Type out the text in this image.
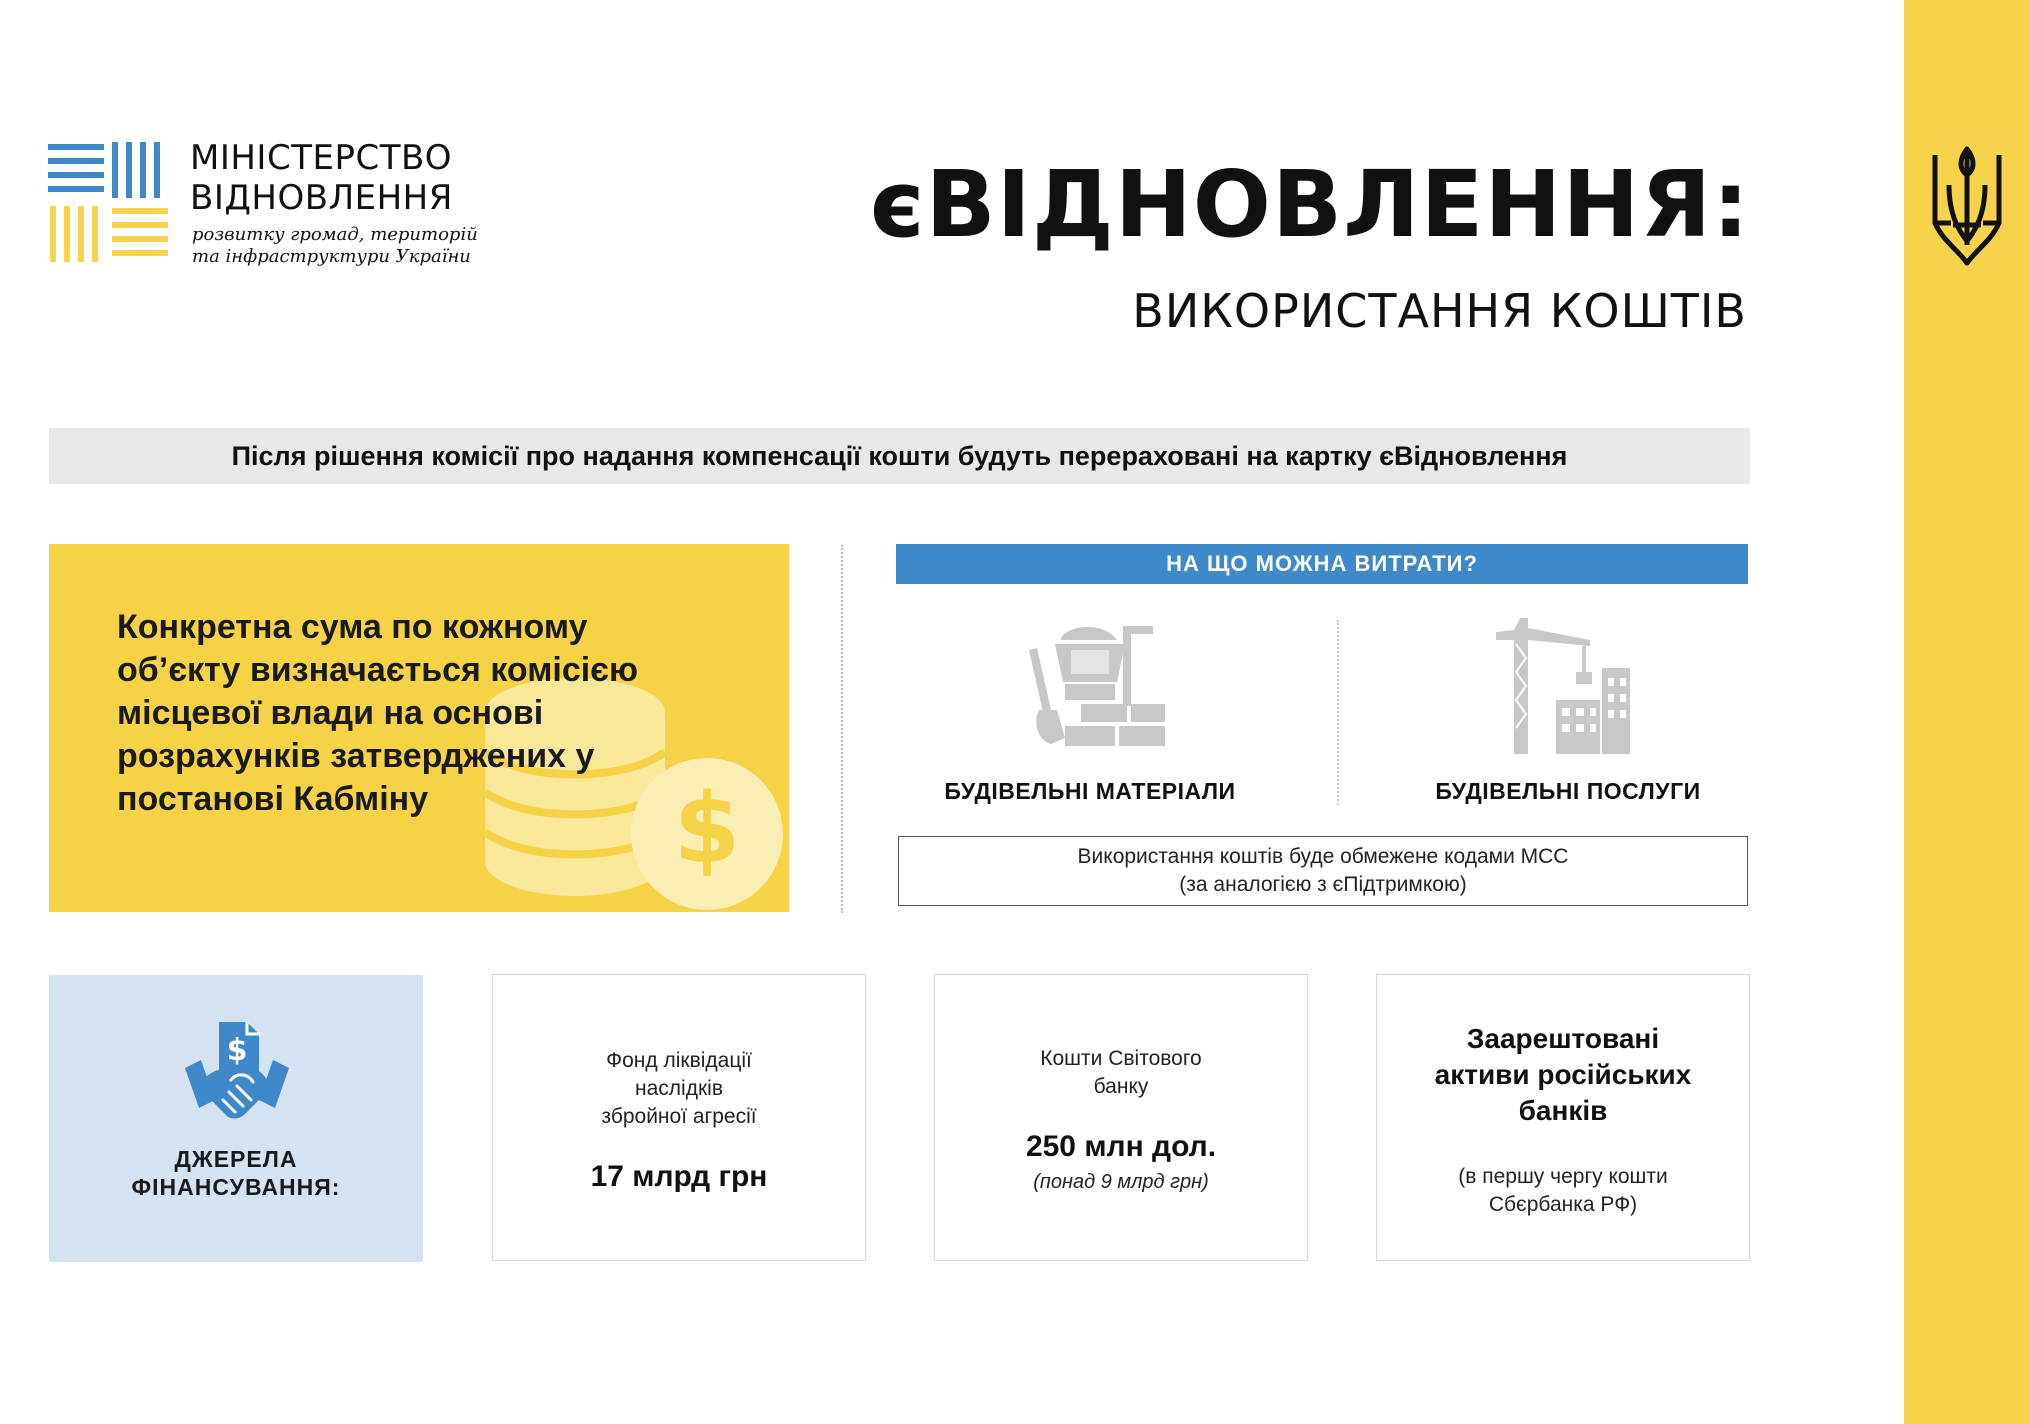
МІНІСТЕРСТВО
ВІДНОВЛЕННЯ
розвитку громад, територій
та інфраструктури України	єВІДНОВЛЕННЯ:
ВИКОРИСТАННЯ КОШТІВ
Після рішення комісії про надання компенсації кошти будуть перераховані на картку єВідновлення
$
Конкретна сума по кожному
об’єкту визначається комісією
місцевої влади на основі
розрахунків затверджених у
постанові Кабміну
НА ЩО МОЖНА ВИТРАТИ?
БУДІВЕЛЬНІ МАТЕРІАЛИ	БУДІВЕЛЬНІ ПОСЛУГИ
Використання коштів буде обмежене кодами MCC
(за аналогією з єПідтримкою)
$
ДЖЕРЕЛА
ФІНАНСУВАННЯ:
Фонд ліквідації
наслідків
збройної агресії
17 млрд грн
Кошти Світового
банку
250 млн дол.
(понад 9 млрд грн)
Заарештовані
активи російських
банків
(в першу чергу кошти
Сбєрбанка РФ)
